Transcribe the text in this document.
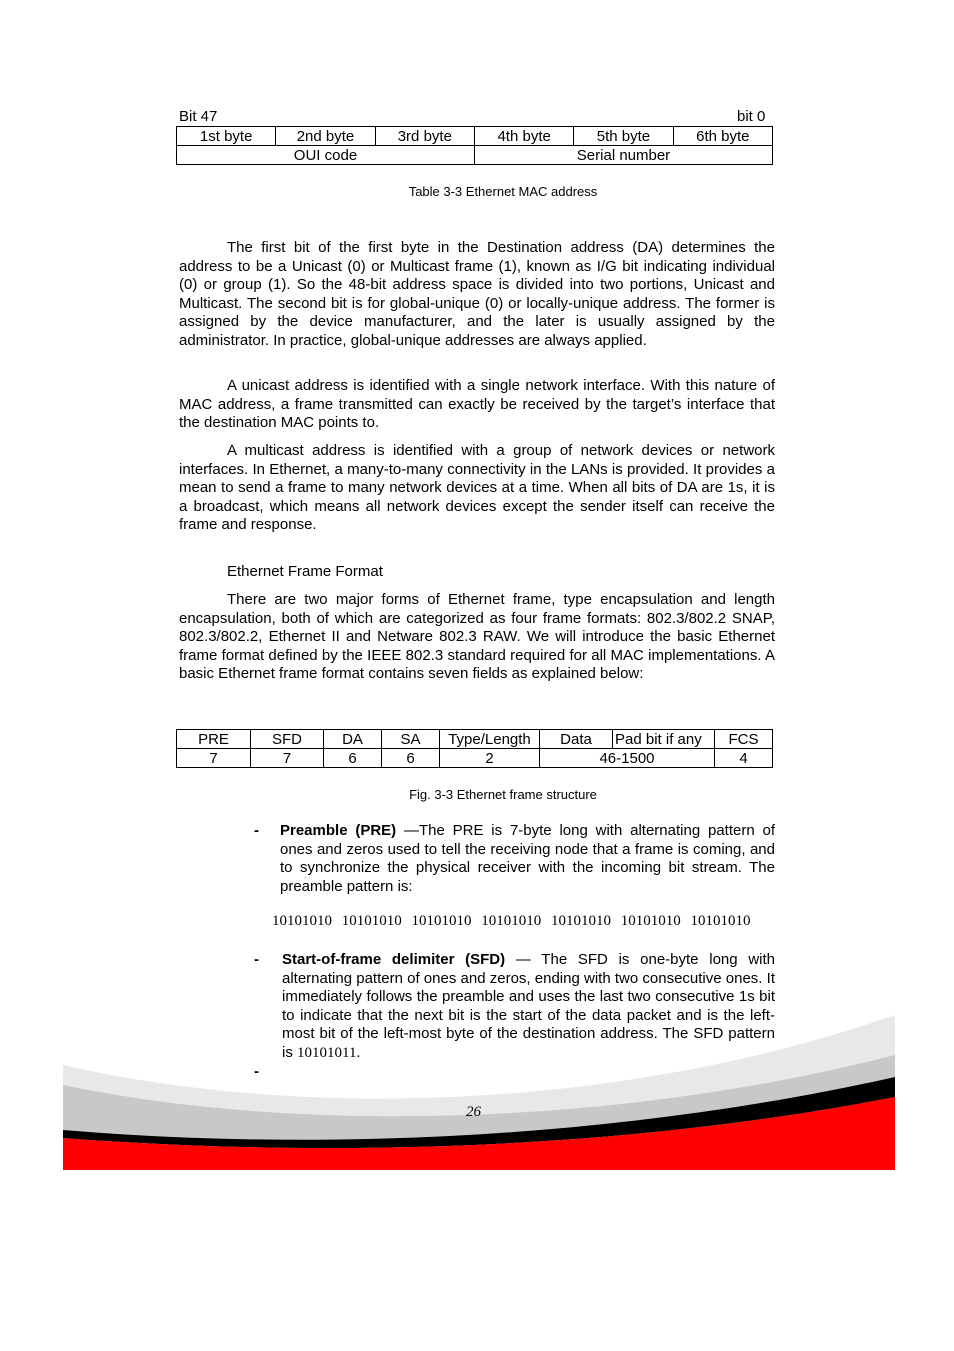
Bit 47	bit 0
1st byte	2nd byte	3rd byte	4th byte	5th byte	6th byte
OUI code			Serial number		
Table 3-3 Ethernet MAC address

The first bit of the first byte in the Destination address (DA) determines the address to be a Unicast (0) or Multicast frame (1), known as I/G bit indicating individual (0) or group (1). So the 48-bit address space is divided into two portions, Unicast and Multicast. The second bit is for global-unique (0) or locally-unique address. The former is assigned by the device manufacturer, and the later is usually assigned by the administrator. In practice, global-unique addresses are always applied.

A unicast address is identified with a single network interface. With this nature of MAC address, a frame transmitted can exactly be received by the target’s interface that the destination MAC points to.

A multicast address is identified with a group of network devices or network interfaces. In Ethernet, a many-to-many connectivity in the LANs is provided. It provides a mean to send a frame to many network devices at a time. When all bits of DA are 1s, it is a broadcast, which means all network devices except the sender itself can receive the frame and response.

Ethernet Frame Format

There are two major forms of Ethernet frame, type encapsulation and length encapsulation, both of which are categorized as four frame formats: 802.3/802.2 SNAP, 802.3/802.2, Ethernet II and Netware 802.3 RAW. We will introduce the basic Ethernet frame format defined by the IEEE 802.3 standard required for all MAC implementations. A basic Ethernet frame format contains seven fields as explained below:

PRE	SFD	DA	SA	Type/Length	Data	Pad bit if any	FCS
7	7	6	6	2	46-1500		4
Fig. 3-3 Ethernet frame structure
- Preamble (PRE) —The PRE is 7-byte long with alternating pattern of ones and zeros used to tell the receiving node that a frame is coming, and to synchronize the physical receiver with the incoming bit stream. The preamble pattern is:

10101010 10101010 10101010 10101010 10101010 10101010 10101010
- Start-of-frame delimiter (SFD) — The SFD is one-byte long with alternating pattern of ones and zeros, ending with two consecutive ones. It immediately follows the preamble and uses the last two consecutive 1s bit to indicate that the next bit is the start of the data packet and is the left-most bit of the left-most byte of the destination address. The SFD pattern is 10101011.

26
-
